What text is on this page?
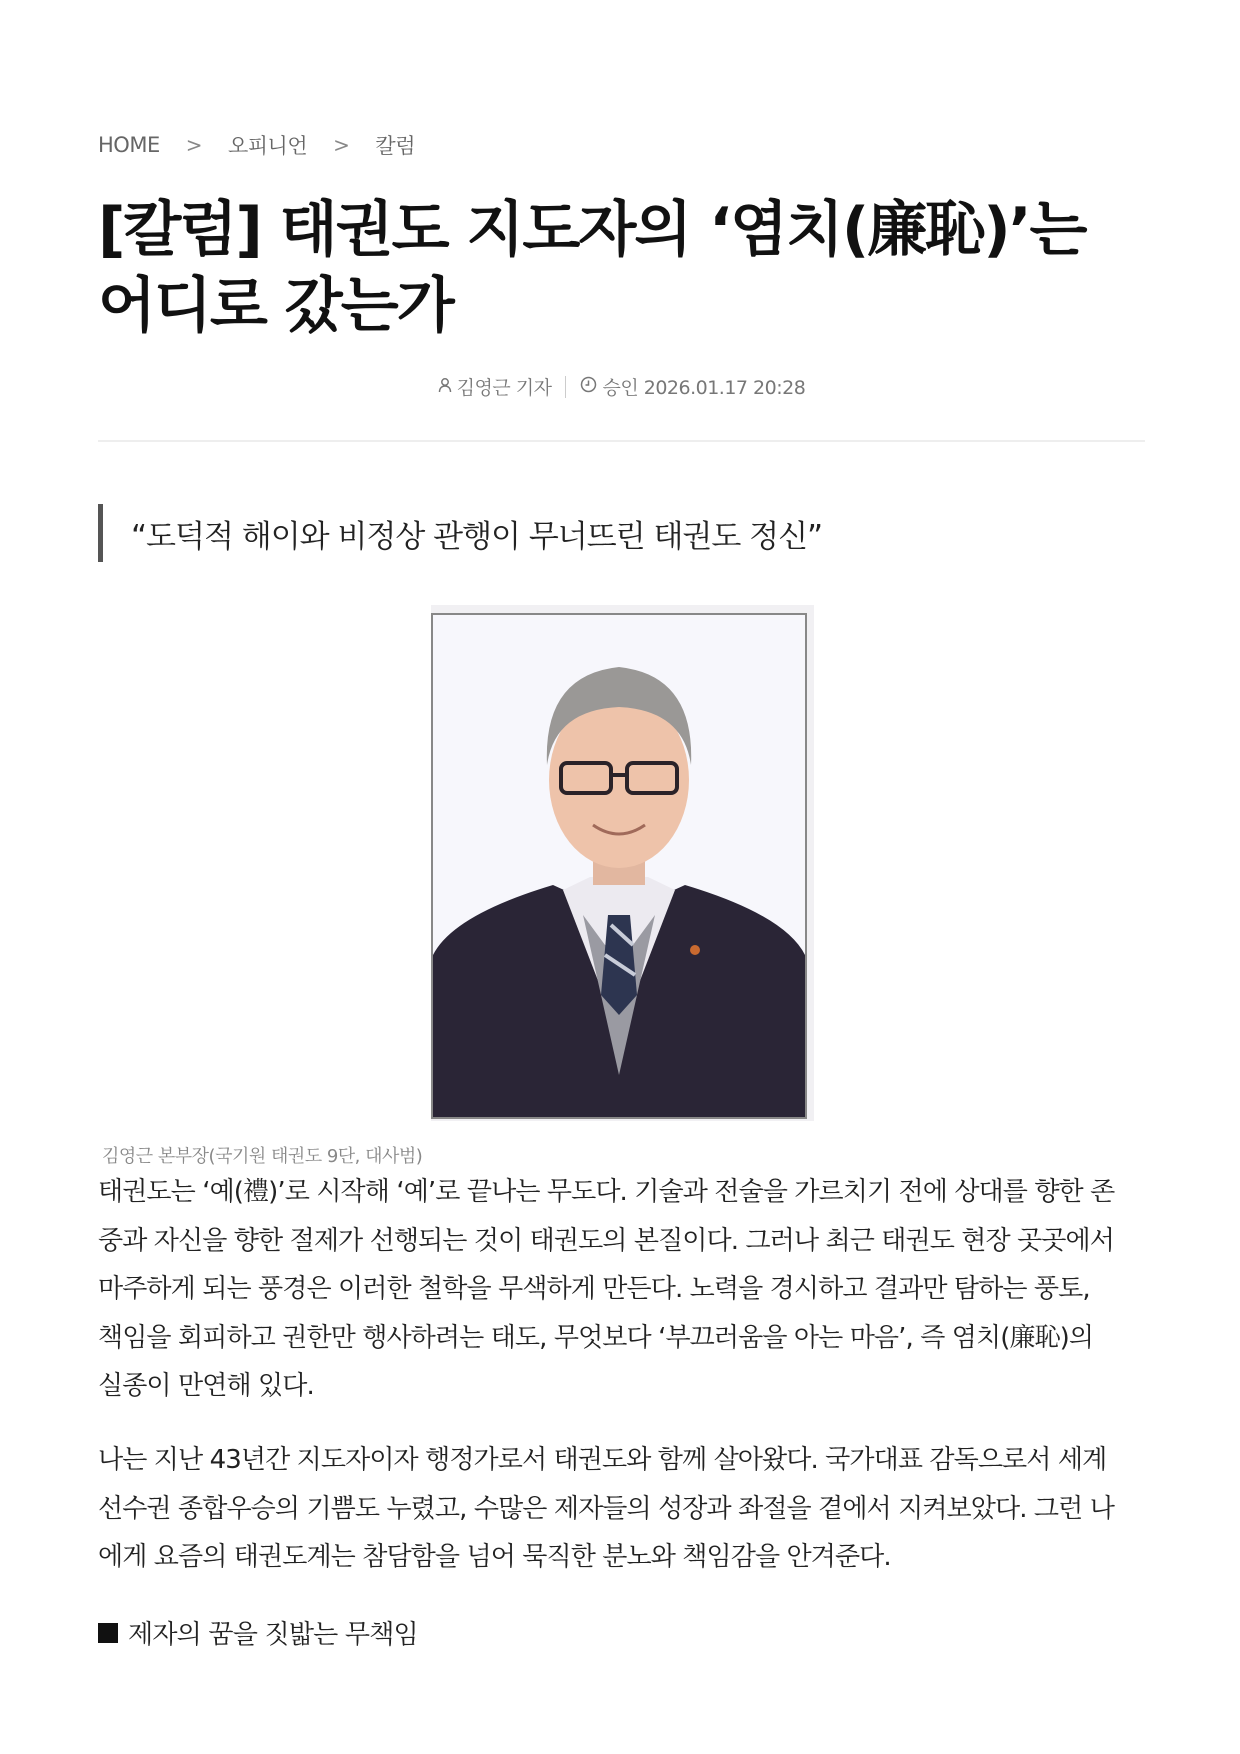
HOME > 오피니언 > 칼럼
[칼럼] 태권도 지도자의 ‘염치(廉恥)’는 어디로 갔는가
김영근 기자	승인 2026.01.17 20:28
“도덕적 해이와 비정상 관행이 무너뜨린 태권도 정신”
김영근 본부장(국기원 태권도 9단, 대사범)
태권도는 ‘예(禮)’로 시작해 ‘예’로 끝나는 무도다. 기술과 전술을 가르치기 전에 상대를 향한 존
중과 자신을 향한 절제가 선행되는 것이 태권도의 본질이다. 그러나 최근 태권도 현장 곳곳에서
마주하게 되는 풍경은 이러한 철학을 무색하게 만든다. 노력을 경시하고 결과만 탐하는 풍토,
책임을 회피하고 권한만 행사하려는 태도, 무엇보다 ‘부끄러움을 아는 마음’, 즉 염치(廉恥)의
실종이 만연해 있다.
나는 지난 43년간 지도자이자 행정가로서 태권도와 함께 살아왔다. 국가대표 감독으로서 세계
선수권 종합우승의 기쁨도 누렸고, 수많은 제자들의 성장과 좌절을 곁에서 지켜보았다. 그런 나
에게 요즘의 태권도계는 참담함을 넘어 묵직한 분노와 책임감을 안겨준다.
제자의 꿈을 짓밟는 무책임
